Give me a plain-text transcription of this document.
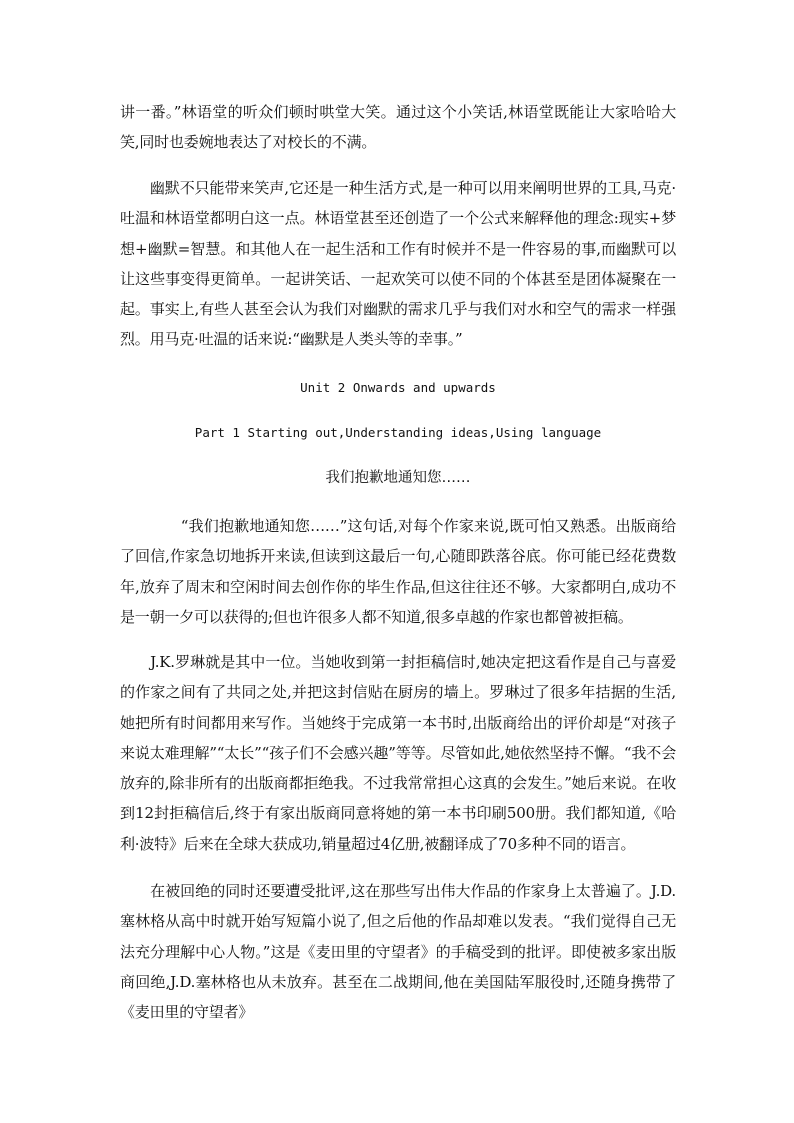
讲一番。”林语堂的听众们顿时哄堂大笑。通过这个小笑话,林语堂既能让大家哈哈大笑,同时也委婉地表达了对校长的不满。

　　幽默不只能带来笑声,它还是一种生活方式,是一种可以用来阐明世界的工具,马克·吐温和林语堂都明白这一点。林语堂甚至还创造了一个公式来解释他的理念:现实+梦想+幽默=智慧。和其他人在一起生活和工作有时候并不是一件容易的事,而幽默可以让这些事变得更简单。一起讲笑话、一起欢笑可以使不同的个体甚至是团体凝聚在一起。事实上,有些人甚至会认为我们对幽默的需求几乎与我们对水和空气的需求一样强烈。用马克·吐温的话来说:“幽默是人类头等的幸事。”

Unit 2 Onwards and upwards

Part 1 Starting out,Understanding ideas,Using language

我们抱歉地通知您……

　　　　“我们抱歉地通知您……”这句话,对每个作家来说,既可怕又熟悉。出版商给了回信,作家急切地拆开来读,但读到这最后一句,心随即跌落谷底。你可能已经花费数年,放弃了周末和空闲时间去创作你的毕生作品,但这往往还不够。大家都明白,成功不是一朝一夕可以获得的;但也许很多人都不知道,很多卓越的作家也都曾被拒稿。

　　J.K.罗琳就是其中一位。当她收到第一封拒稿信时,她决定把这看作是自己与喜爱的作家之间有了共同之处,并把这封信贴在厨房的墙上。罗琳过了很多年拮据的生活,她把所有时间都用来写作。当她终于完成第一本书时,出版商给出的评价却是“对孩子来说太难理解”“太长”“孩子们不会感兴趣”等等。尽管如此,她依然坚持不懈。“我不会放弃的,除非所有的出版商都拒绝我。不过我常常担心这真的会发生。”她后来说。在收到12封拒稿信后,终于有家出版商同意将她的第一本书印刷500册。我们都知道,《哈利·波特》后来在全球大获成功,销量超过4亿册,被翻译成了70多种不同的语言。

　　在被回绝的同时还要遭受批评,这在那些写出伟大作品的作家身上太普遍了。J.D.塞林格从高中时就开始写短篇小说了,但之后他的作品却难以发表。“我们觉得自己无法充分理解中心人物。”这是《麦田里的守望者》的手稿受到的批评。即使被多家出版商回绝,J.D.塞林格也从未放弃。甚至在二战期间,他在美国陆军服役时,还随身携带了《麦田里的守望者》
